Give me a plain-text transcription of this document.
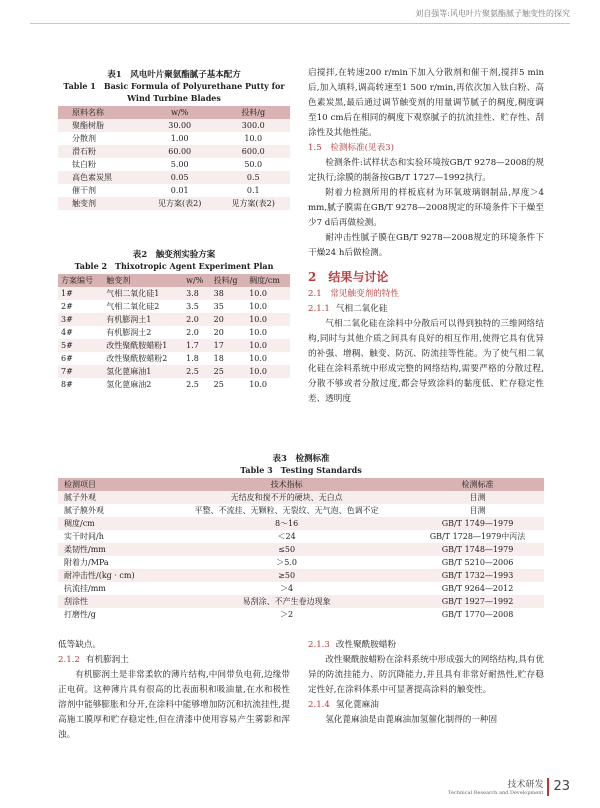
刘自强等:风电叶片聚氨酯腻子触变性的探究
表1　风电叶片聚氨酯腻子基本配方
Table 1　Basic Formula of Polyurethane Putty for Wind Turbine Blades
原料名称	w/%	投料/g
聚酯树脂	30.00	300.0
分散剂	1.00	10.0
滑石粉	60.00	600.0
钛白粉	5.00	50.0
高色素炭黑	0.05	0.5
催干剂	0.01	0.1
触变剂	见方案(表2)	见方案(表2)
表2　触变剂实验方案
Table 2　Thixotropic Agent Experiment Plan
方案编号	触变剂	w/%	投料/g	稠度/cm
1#	气相二氧化硅1	3.8	38	10.0
2#	气相二氧化硅2	3.5	35	10.0
3#	有机膨润土1	2.0	20	10.0
4#	有机膨润土2	2.0	20	10.0
5#	改性聚酰胺蜡粉1	1.7	17	10.0
6#	改性聚酰胺蜡粉2	1.8	18	10.0
7#	氢化蓖麻油1	2.5	25	10.0
8#	氢化蓖麻油2	2.5	25	10.0
启搅拌,在转速200 r/min下加入分散剂和催干剂,搅拌5 min后,加入填料,调高转速至1 500 r/min,再依次加入钛白粉、高色素炭黑,最后通过调节触变剂的用量调节腻子的稠度,稠度调至10 cm后在相同的稠度下观察腻子的抗流挂性、贮存性、刮涂性及其他性能。
1.5　检测标准(见表3)
检测条件:试样状态和实验环境按GB/T 9278—2008的规定执行;涂膜的制备按GB/T 1727—1992执行。
附着力检测所用的样板底材为环氧玻璃钢制品,厚度＞4 mm,腻子膜需在GB/T 9278—2008规定的环境条件下干燥至少7 d后再做检测。
耐冲击性腻子膜在GB/T 9278—2008规定的环境条件下干燥24 h后做检测。
2　结果与讨论
2.1　常见触变剂的特性
2.1.1 气相二氧化硅
气相二氧化硅在涂料中分散后可以得到独特的三维网络结构,同时与其他介质之间具有良好的相互作用,使得它具有优异的补强、增稠、触变、防沉、防流挂等性能。为了使气相二氧化硅在涂料系统中形成完整的网络结构,需要严格的分散过程,分散不够或者分散过度,都会导致涂料的黏度低、贮存稳定性差、透明度
表3　检测标准
Table 3　Testing Standards
检测项目	技术指标	检测标准
腻子外观	无结皮和搅不开的硬块、无白点	目测
腻子膜外观	平整、不流挂、无颗粒、无裂纹、无气泡、色调不定	目测
稠度/cm	8～16	GB/T 1749—1979
实干时间/h	＜24	GB/T 1728—1979中丙法
柔韧性/mm	≤50	GB/T 1748—1979
附着力/MPa	＞5.0	GB/T 5210—2006
耐冲击性/(kg · cm)	≥50	GB/T 1732—1993
抗流挂/mm	＞4	GB/T 9264—2012
刮涂性	易刮涂、不产生卷边现象	GB/T 1927—1992
打磨性/g	＞2	GB/T 1770—2008
低等缺点。
2.1.2 有机膨润土
有机膨润土是非常柔软的薄片结构,中间带负电荷,边缘带正电荷。这种薄片具有很高的比表面积和吸油量,在水和极性溶剂中能够膨胀和分开,在涂料中能够增加防沉和抗流挂性,提高施工膜厚和贮存稳定性,但在清漆中使用容易产生雾影和浑浊。
2.1.3 改性聚酰胺蜡粉
改性聚酰胺蜡粉在涂料系统中形成强大的网络结构,具有优异的防流挂能力、防沉降能力,并且具有非常好耐热性,贮存稳定性好,在涂料体系中可显著提高涂料的触变性。
2.1.4 氢化蓖麻油
氢化蓖麻油是由蓖麻油加氢催化制得的一种固
技术研发
Technical Research and Development 23
